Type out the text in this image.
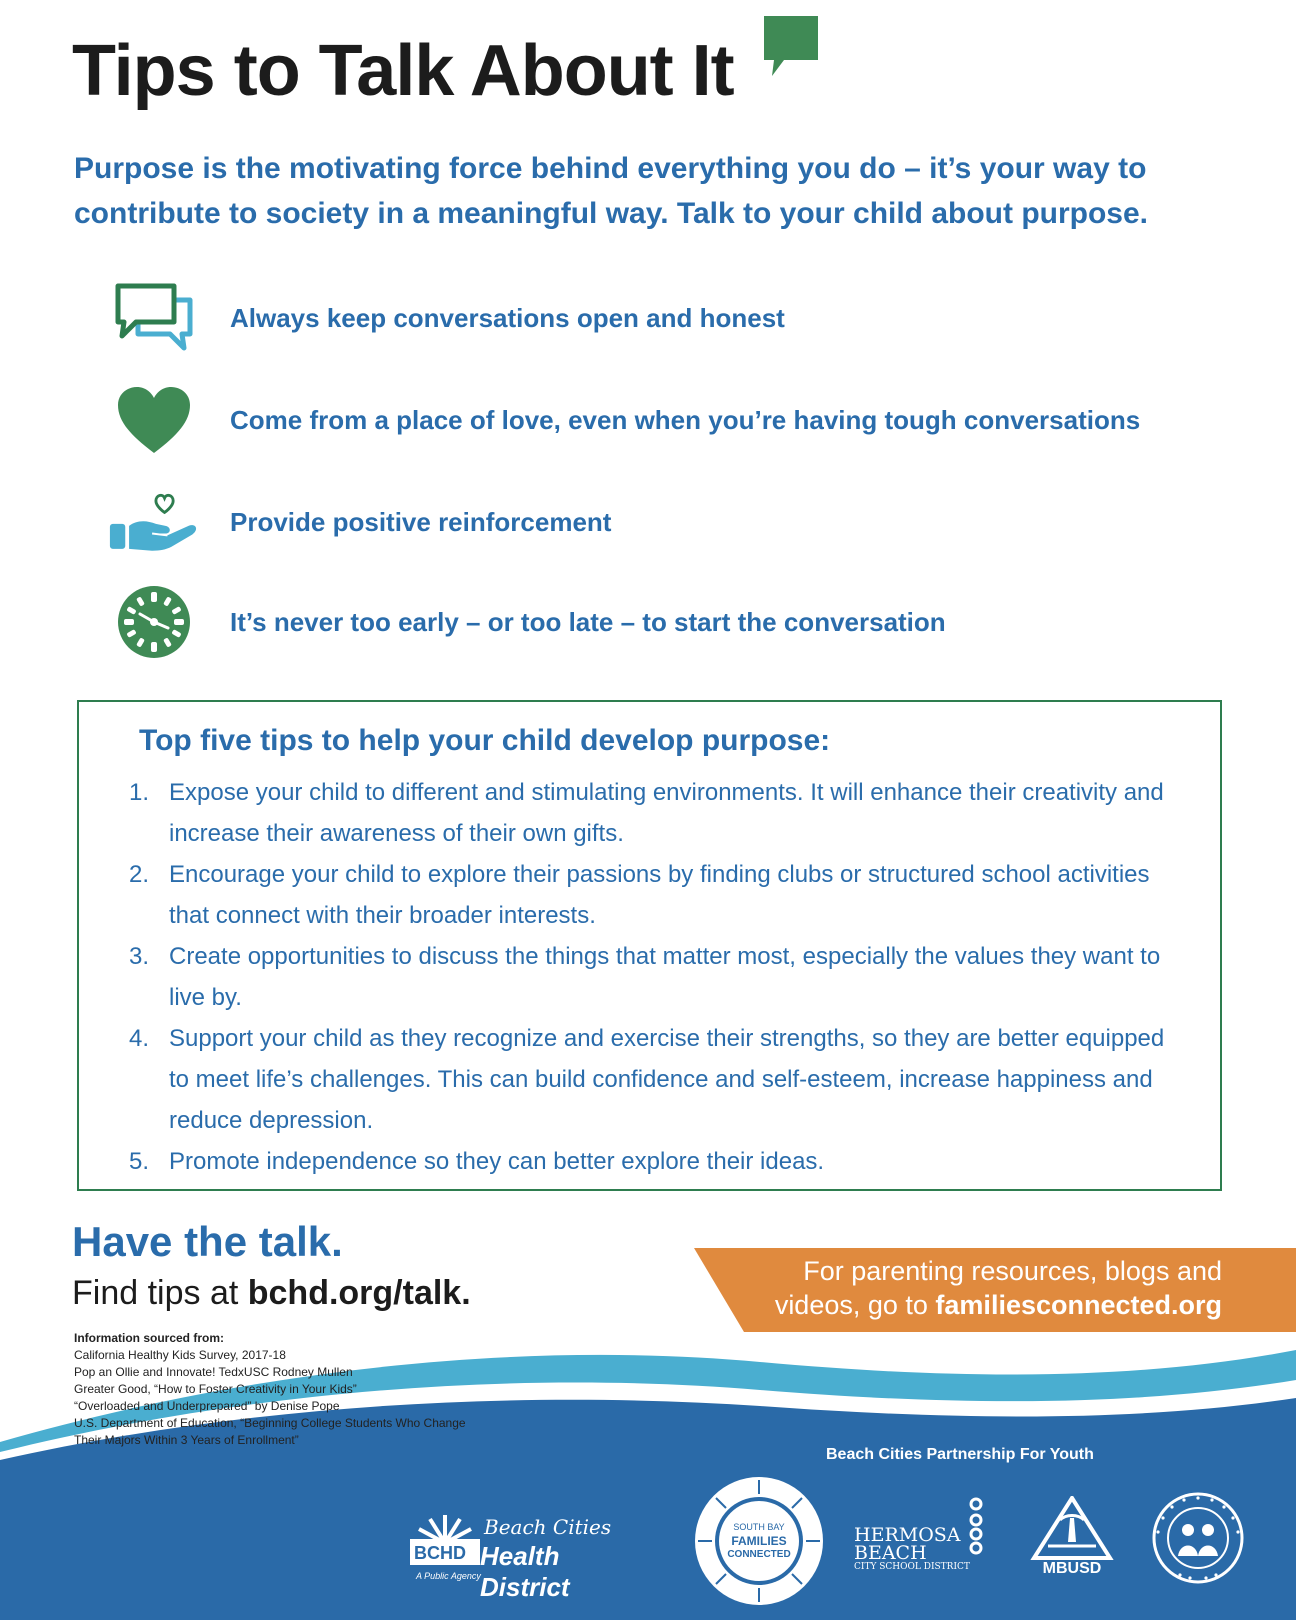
Tips to Talk About It
Purpose is the motivating force behind everything you do – it’s your way to contribute to society in a meaningful way. Talk to your child about purpose.
Always keep conversations open and honest
Come from a place of love, even when you’re having tough conversations
Provide positive reinforcement
It’s never too early – or too late – to start the conversation
Top five tips to help your child develop purpose:
1. Expose your child to different and stimulating environments. It will enhance their creativity and increase their awareness of their own gifts.
2. Encourage your child to explore their passions by finding clubs or structured school activities that connect with their broader interests.
3. Create opportunities to discuss the things that matter most, especially the values they want to live by.
4. Support your child as they recognize and exercise their strengths, so they are better equipped to meet life’s challenges. This can build confidence and self-esteem, increase happiness and reduce depression.
5. Promote independence so they can better explore their ideas.
Have the talk.
Find tips at bchd.org/talk.
For parenting resources, blogs and
videos, go to familiesconnected.org
Information sourced from:
California Healthy Kids Survey, 2017-18
Pop an Ollie and Innovate! TedxUSC Rodney Mullen
Greater Good, “How to Foster Creativity in Your Kids”
“Overloaded and Underprepared” by Denise Pope
U.S. Department of Education, “Beginning College Students Who Change
Their Majors Within 3 Years of Enrollment”
Beach Cities Partnership For Youth
BCHD
Beach Cities
Health District
A Public Agency
SOUTH BAY
FAMILIES
CONNECTED
HERMOSA
BEACH
CITY SCHOOL DISTRICT	MBUSD
